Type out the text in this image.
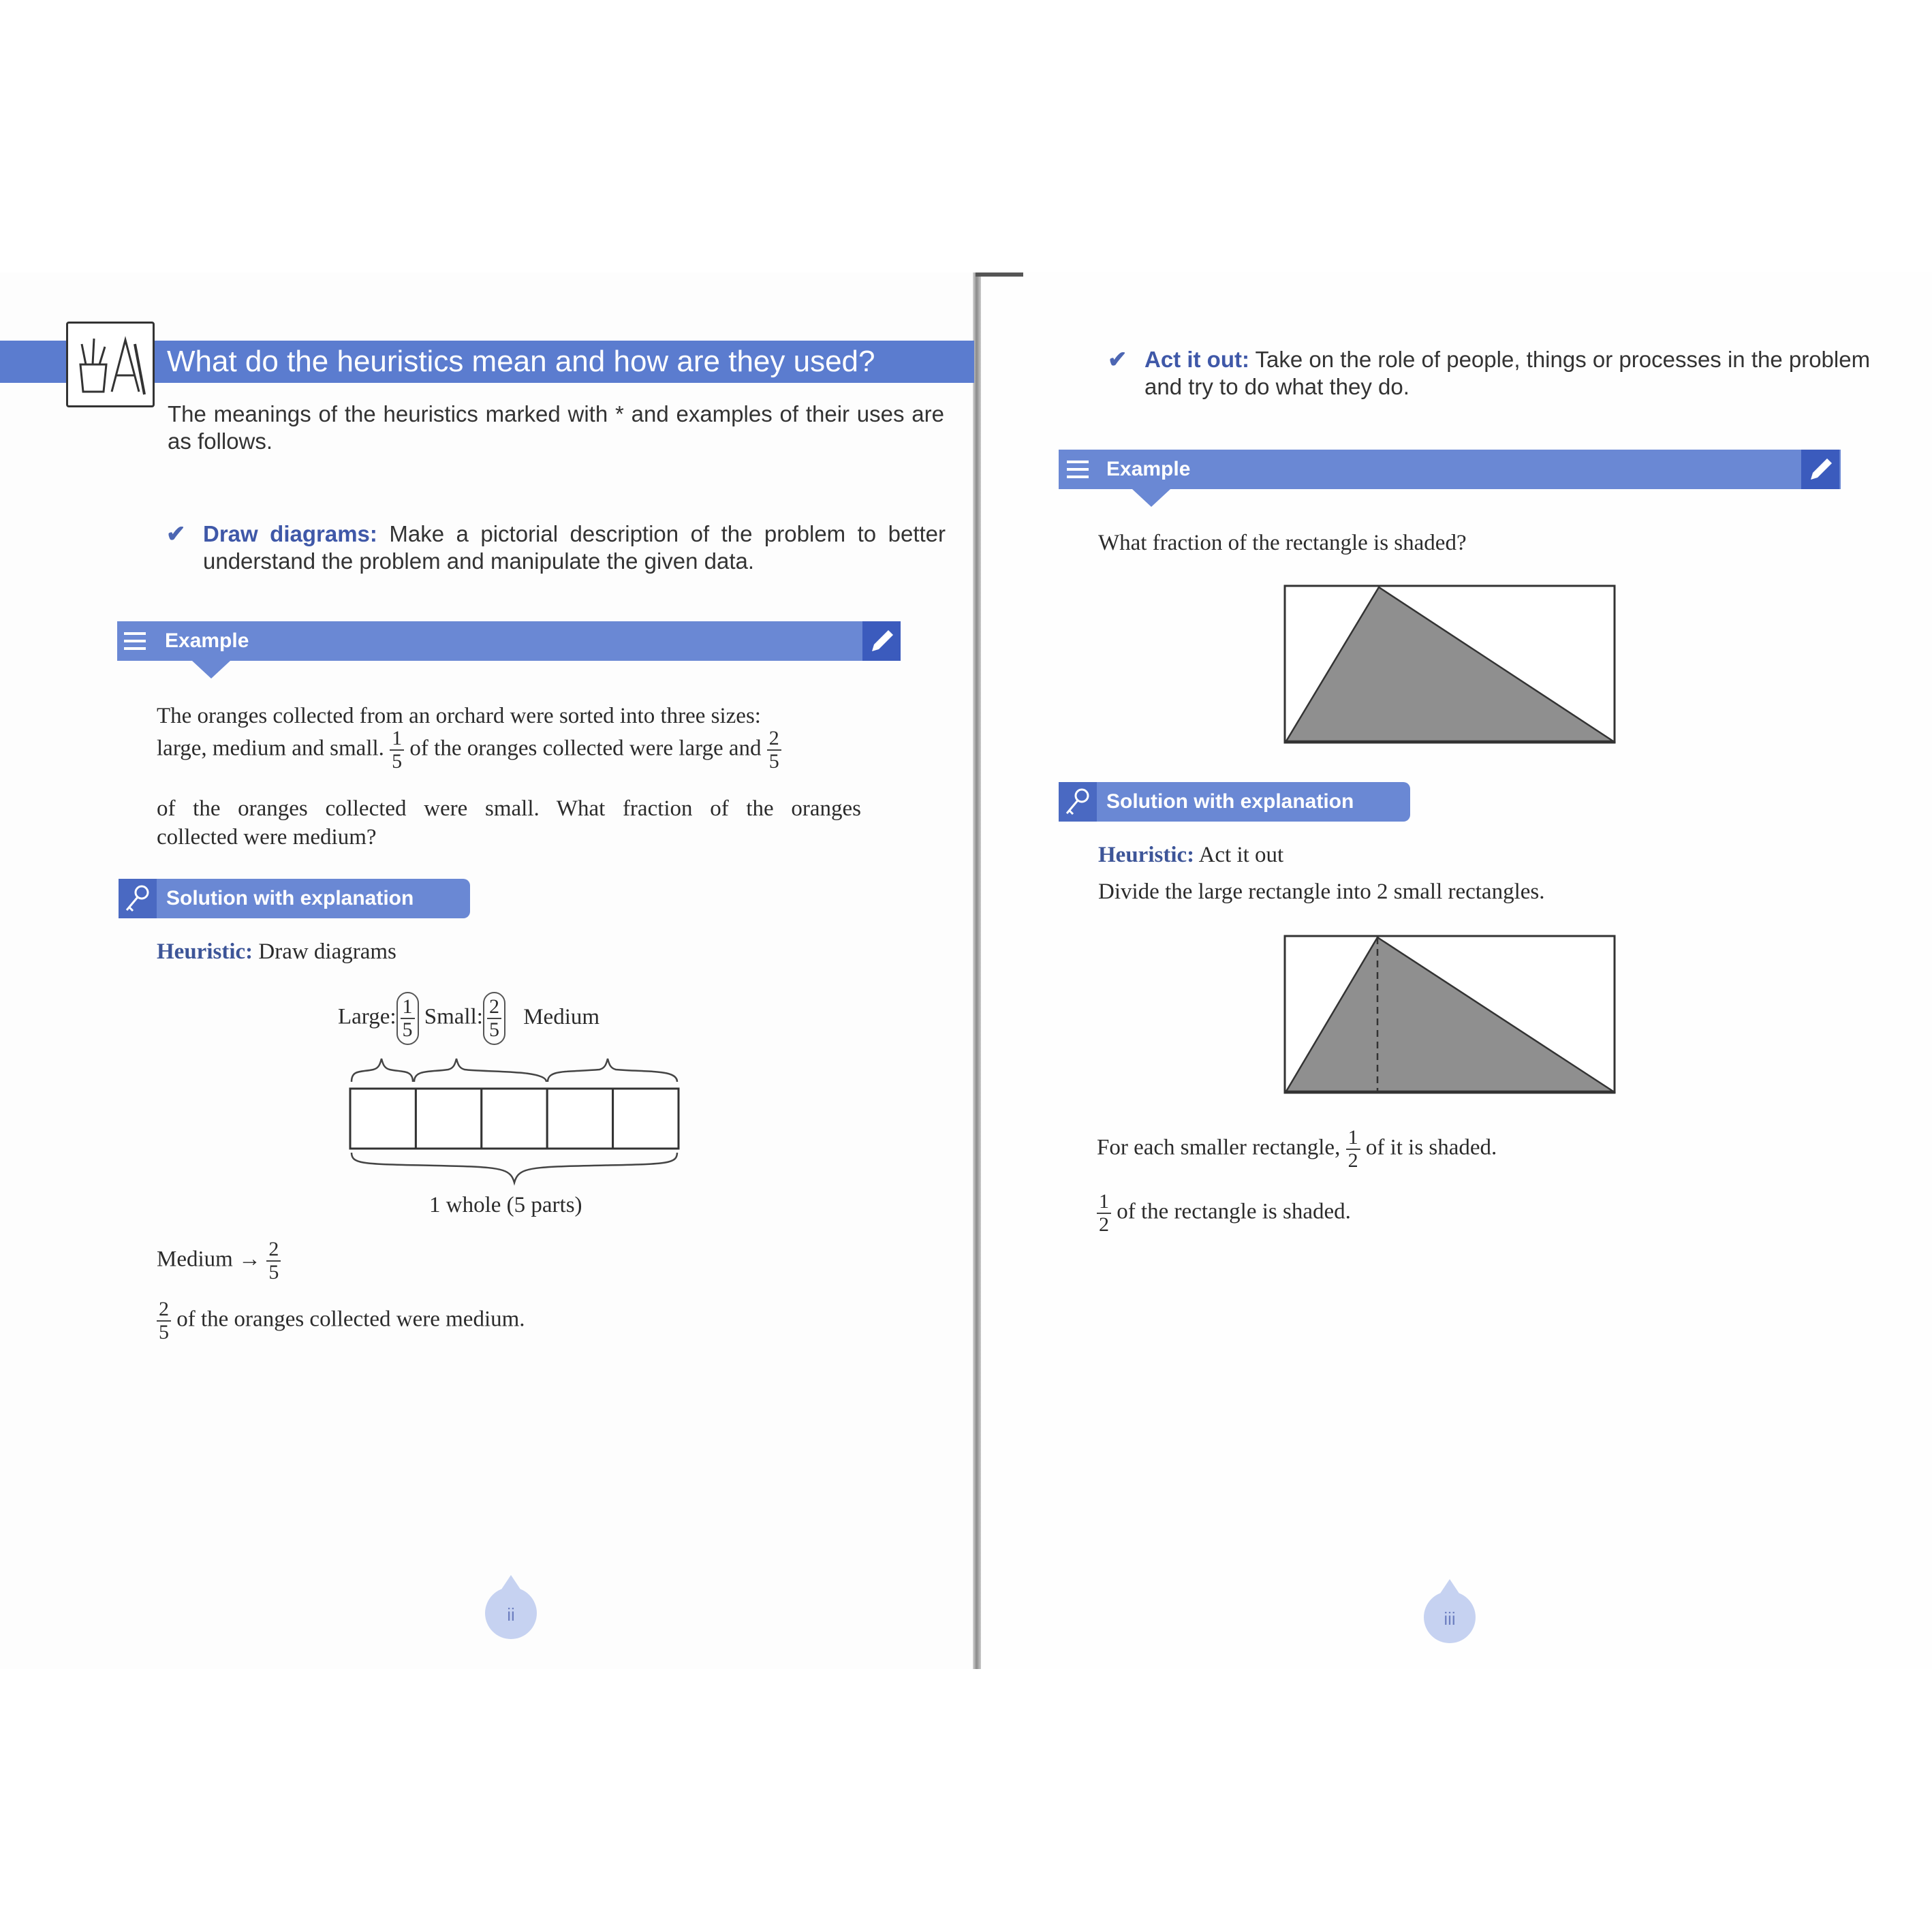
What do the heuristics mean and how are they used?
The meanings of the heuristics marked with * and examples of their uses are as follows.
✔ Draw diagrams: Make a pictorial description of the problem to better understand the problem and manipulate the given data.
Example
The oranges collected from an orchard were sorted into three sizes:
large, medium and small. $\frac{1}{5}$ of the oranges collected were large and $\frac{2}{5}$
of the oranges collected were small. What fraction of the oranges
collected were medium?
Solution with explanation
Heuristic: Draw diagrams
Large: $\frac{1}{5}$ Small: $\frac{2}{5}$ Medium
1 whole (5 parts)
Medium → $\frac{2}{5}$
$\frac{2}{5}$ of the oranges collected were medium.
ii
✔ Act it out: Take on the role of people, things or processes in the problem and try to do what they do.
Example
What fraction of the rectangle is shaded?
Solution with explanation
Heuristic: Act it out
Divide the large rectangle into 2 small rectangles.
For each smaller rectangle, $\frac{1}{2}$ of it is shaded.
$\frac{1}{2}$ of the rectangle is shaded.
iii
